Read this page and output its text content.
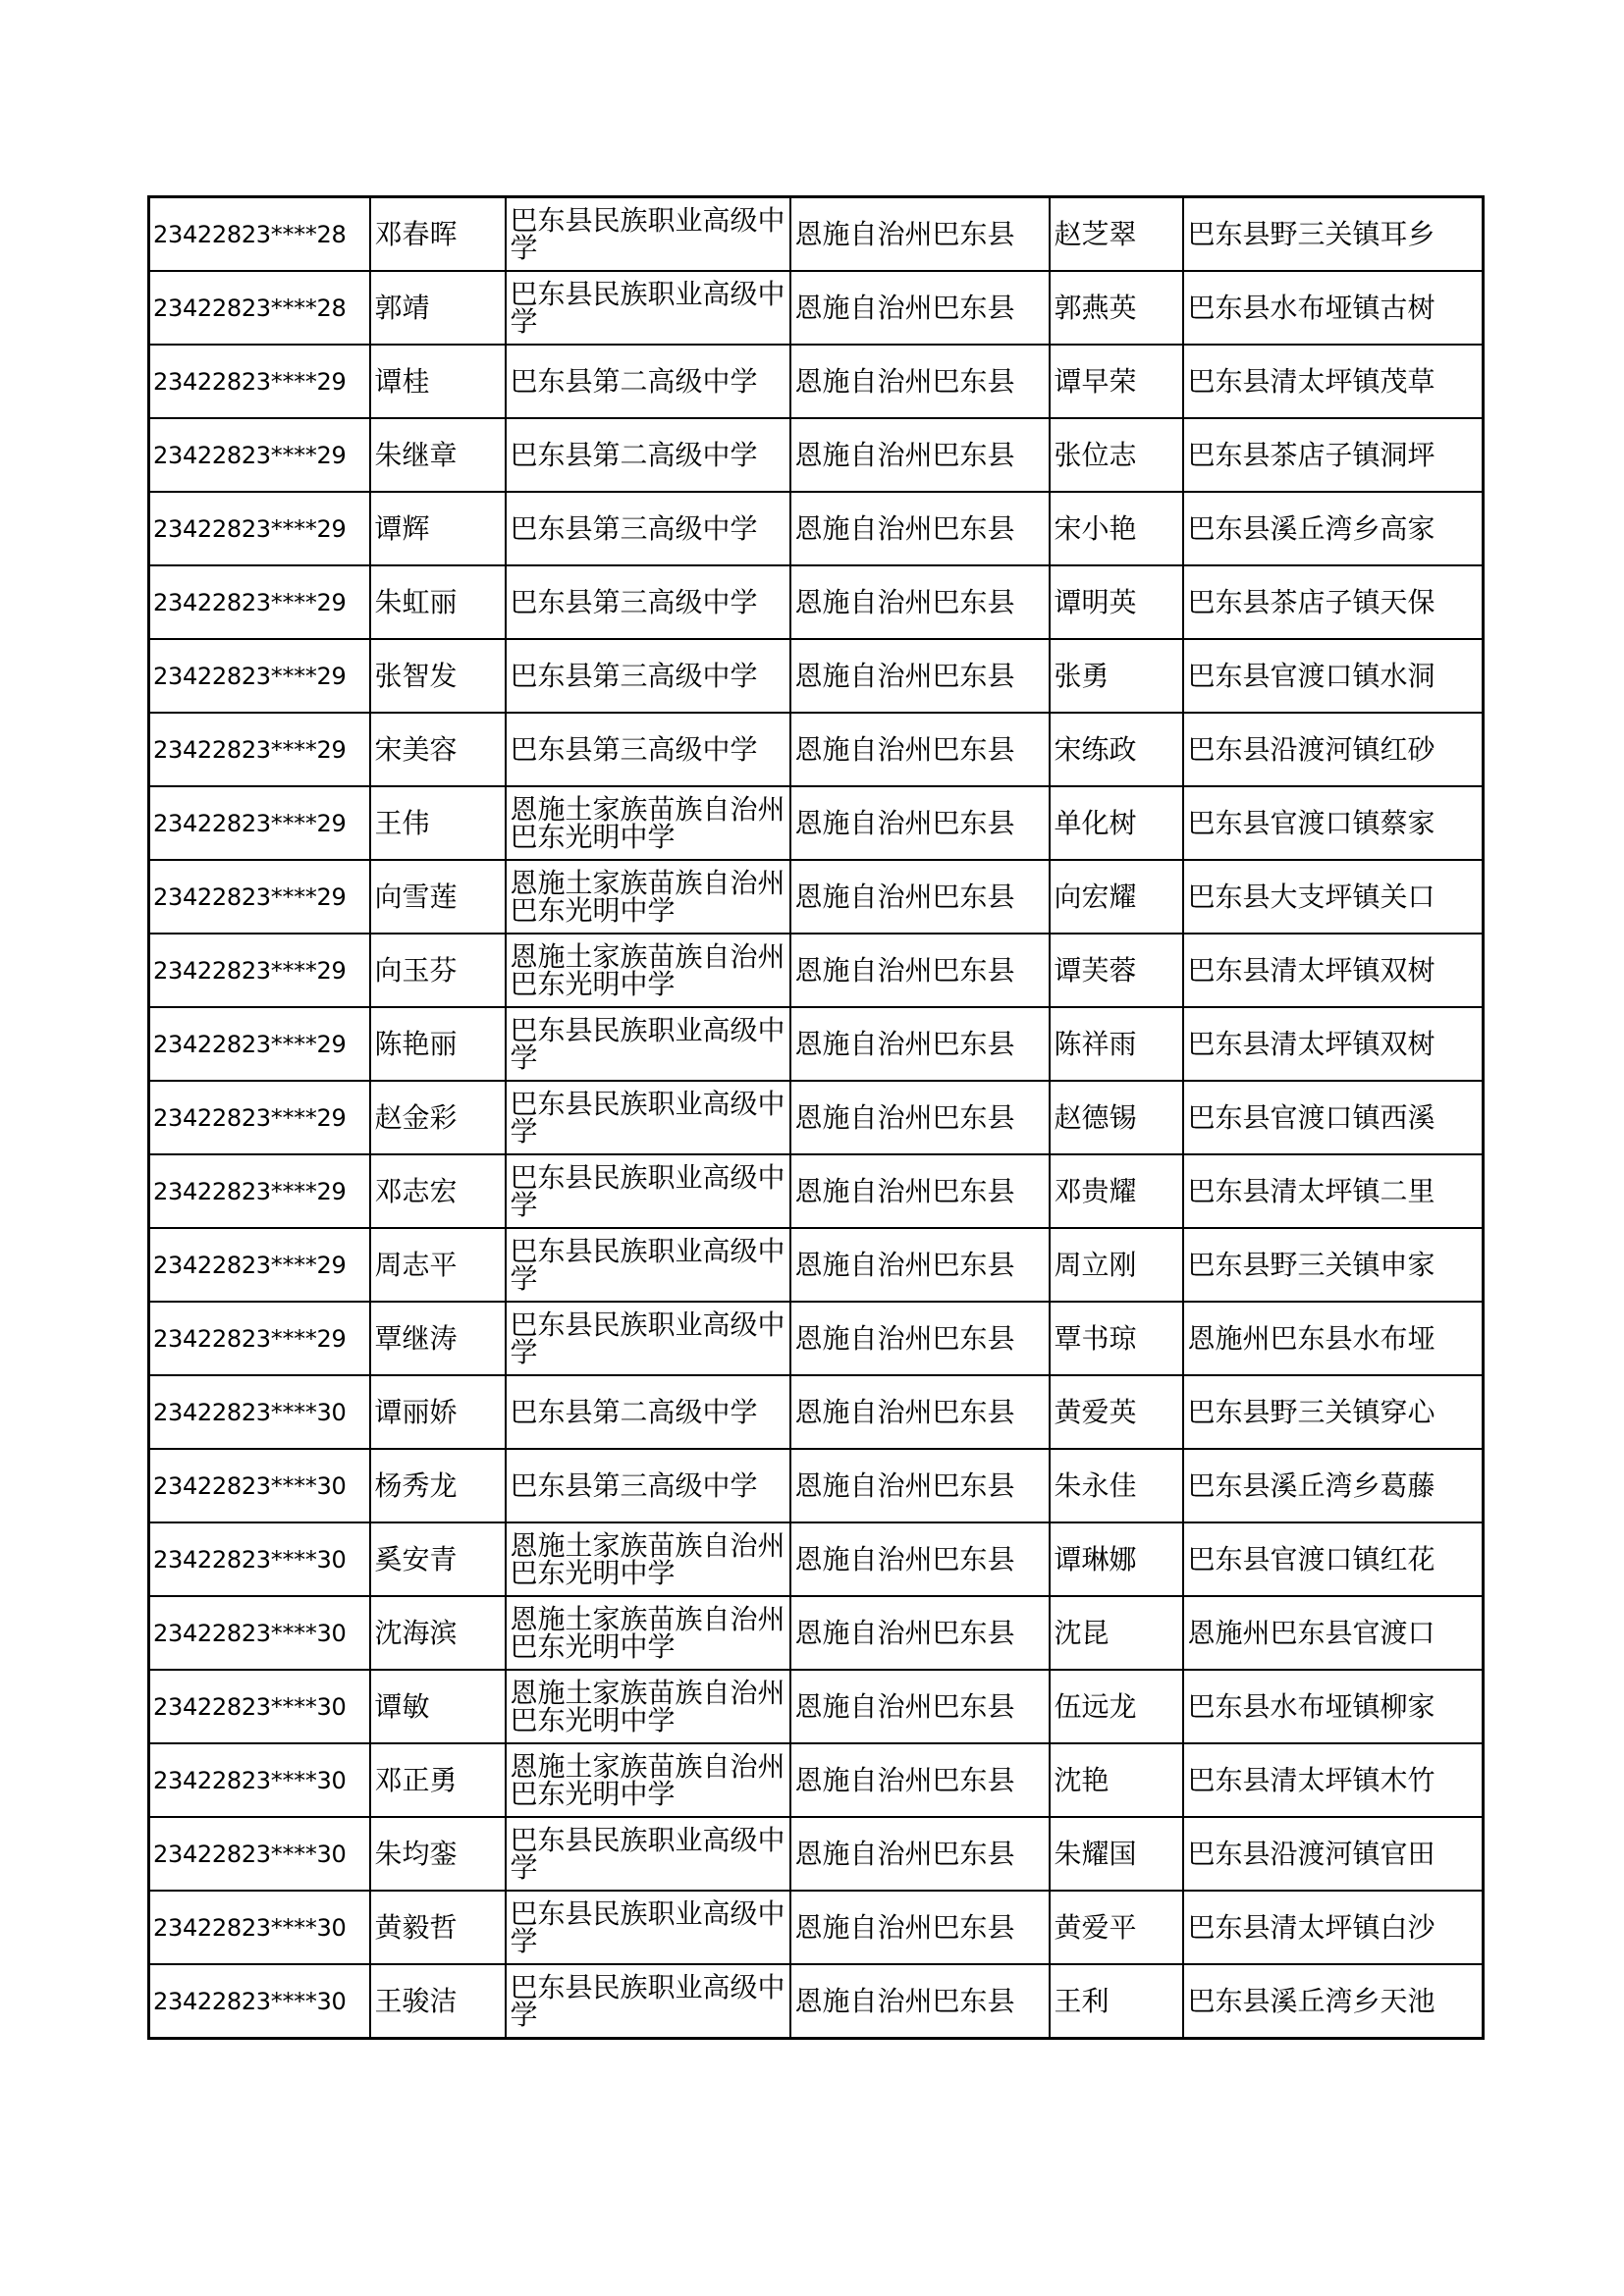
23422823****28	邓春晖	巴东县民族职业高级中学	恩施自治州巴东县	赵芝翠	巴东县野三关镇耳乡
23422823****28	郭靖	巴东县民族职业高级中学	恩施自治州巴东县	郭燕英	巴东县水布垭镇古树
23422823****29	谭桂	巴东县第二高级中学	恩施自治州巴东县	谭早荣	巴东县清太坪镇茂草
23422823****29	朱继章	巴东县第二高级中学	恩施自治州巴东县	张位志	巴东县茶店子镇洞坪
23422823****29	谭辉	巴东县第三高级中学	恩施自治州巴东县	宋小艳	巴东县溪丘湾乡高家
23422823****29	朱虹丽	巴东县第三高级中学	恩施自治州巴东县	谭明英	巴东县茶店子镇天保
23422823****29	张智发	巴东县第三高级中学	恩施自治州巴东县	张勇	巴东县官渡口镇水洞
23422823****29	宋美容	巴东县第三高级中学	恩施自治州巴东县	宋练政	巴东县沿渡河镇红砂
23422823****29	王伟	恩施土家族苗族自治州巴东光明中学	恩施自治州巴东县	单化树	巴东县官渡口镇蔡家
23422823****29	向雪莲	恩施土家族苗族自治州巴东光明中学	恩施自治州巴东县	向宏耀	巴东县大支坪镇关口
23422823****29	向玉芬	恩施土家族苗族自治州巴东光明中学	恩施自治州巴东县	谭芙蓉	巴东县清太坪镇双树
23422823****29	陈艳丽	巴东县民族职业高级中学	恩施自治州巴东县	陈祥雨	巴东县清太坪镇双树
23422823****29	赵金彩	巴东县民族职业高级中学	恩施自治州巴东县	赵德锡	巴东县官渡口镇西溪
23422823****29	邓志宏	巴东县民族职业高级中学	恩施自治州巴东县	邓贵耀	巴东县清太坪镇二里
23422823****29	周志平	巴东县民族职业高级中学	恩施自治州巴东县	周立刚	巴东县野三关镇申家
23422823****29	覃继涛	巴东县民族职业高级中学	恩施自治州巴东县	覃书琼	恩施州巴东县水布垭
23422823****30	谭丽娇	巴东县第二高级中学	恩施自治州巴东县	黄爱英	巴东县野三关镇穿心
23422823****30	杨秀龙	巴东县第三高级中学	恩施自治州巴东县	朱永佳	巴东县溪丘湾乡葛藤
23422823****30	奚安青	恩施土家族苗族自治州巴东光明中学	恩施自治州巴东县	谭琳娜	巴东县官渡口镇红花
23422823****30	沈海滨	恩施土家族苗族自治州巴东光明中学	恩施自治州巴东县	沈昆	恩施州巴东县官渡口
23422823****30	谭敏	恩施土家族苗族自治州巴东光明中学	恩施自治州巴东县	伍远龙	巴东县水布垭镇柳家
23422823****30	邓正勇	恩施土家族苗族自治州巴东光明中学	恩施自治州巴东县	沈艳	巴东县清太坪镇木竹
23422823****30	朱均銮	巴东县民族职业高级中学	恩施自治州巴东县	朱耀国	巴东县沿渡河镇官田
23422823****30	黄毅哲	巴东县民族职业高级中学	恩施自治州巴东县	黄爱平	巴东县清太坪镇白沙
23422823****30	王骏洁	巴东县民族职业高级中学	恩施自治州巴东县	王利	巴东县溪丘湾乡天池
